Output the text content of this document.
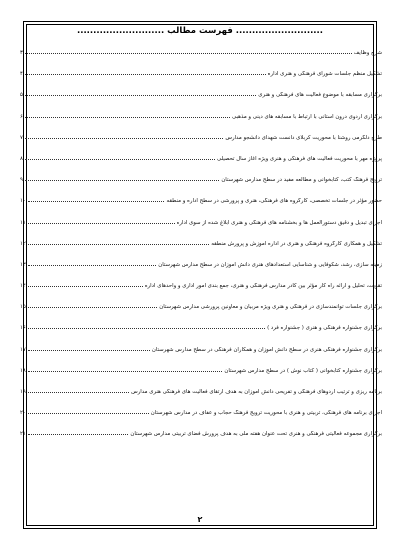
........................... فهرست مطالب ...........................
شرح وظایف
۳
تشکیل منظم جلسات شورای فرهنگی و هنری اداره
۴
برگزاری مسابقه با موضوع فعالیت های فرهنگی و هنری
۵
برگزاری اردوی درون استانی با ارتباط با مسابقه های دینی و مذهبی
۶
طرح دلگرمی روشنا با محوریت کربلای دانست شهدای دانشجو مدارس
۷
پروژه مهر با محوریت فعالیت های فرهنگی و هنری ویژه آغاز سال تحصیلی
۸
ترویج فرهنگ کتب، کتابخوانی و مطالعه مفید در سطح مدارس شهرستان
۹
حضور مؤثر در جلسات تخصصی، کارگروه های فرهنگی، هنری و پرورشی در سطح اداره و منطقه
۱۰
اجرای تبدیل و دقیق دستورالعمل ها و بخشنامه های فرهنگی و هنری ابلاغ شده از سوی اداره
۱۱
تشکیل و همکاری کارگروه فرهنگی و هنری در اداره آموزش و پرورش منطقه
۱۲
زمینه سازی، رشد، شکوفایی و شناسایی استعدادهای هنری دانش آموزان در سطح مدارس شهرستان
۱۳
تقویت، تحلیل و ارائه راه کار مؤثر بین کادر مدارس فرهنگی و هنری، جمع بندی امور اداری و واحدهای اداره
۱۴
برگزاری جلسات توانمندسازی در فرهنگی و هنری ویژه مربیان و معاونین پرورشی مدارس شهرستان
۱۵
برگزاری جشنواره فرهنگی و هنری ( جشنواره فرد )
۱۶
برگزاری جشنواره فرهنگی هنری در سطح دانش آموزان و همکاران فرهنگی در سطح مدارس شهرستان
۱۷
برگزاری جشنواره کتابخوانی ( کتاب نوش ) در سطح مدارس شهرستان
۱۸
برنامه ریزی و ترتیب اردوهای فرهنگی و تفریحی دانش آموزان به هدف ارتقای فعالیت های فرهنگی هنری مدارس
۱۹
اجرای برنامه های فرهنگی، تربیتی و هنری با محوریت ترویج فرهنگ حجاب و عفاف در مدارس شهرستان
۲۰
برگزاری مجموعه فعالیتی فرهنگی و هنری تحت عنوان هفته ملی به هدف پرورش فضای تربیتی مدارس شهرستان
۲۱
۲
